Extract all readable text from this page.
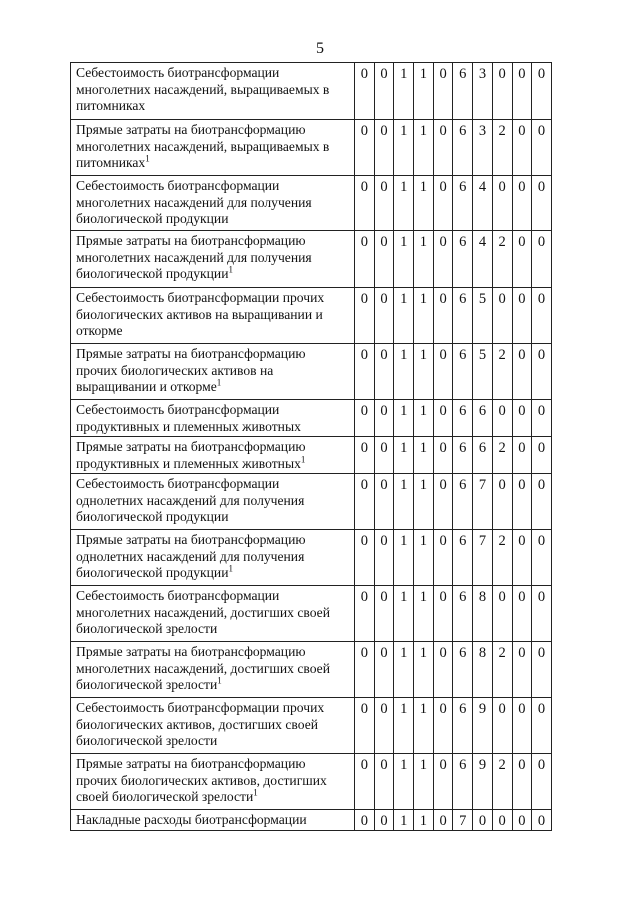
5
Себестоимость биотрансформации многолетних насаждений, выращиваемых в питомниках	0	0	1	1	0	6	3	0	0	0
Прямые затраты на биотрансформацию многолетних насаждений, выращиваемых в питомниках$^1$	0	0	1	1	0	6	3	2	0	0
Себестоимость биотрансформации многолетних насаждений для получения биологической продукции	0	0	1	1	0	6	4	0	0	0
Прямые затраты на биотрансформацию многолетних насаждений для получения биологической продукции$^1$	0	0	1	1	0	6	4	2	0	0
Себестоимость биотрансформации прочих биологических активов на выращивании и откорме	0	0	1	1	0	6	5	0	0	0
Прямые затраты на биотрансформацию прочих биологических активов на выращивании и откорме$^1$	0	0	1	1	0	6	5	2	0	0
Себестоимость биотрансформации продуктивных и племенных животных	0	0	1	1	0	6	6	0	0	0
Прямые затраты на биотрансформацию продуктивных и племенных животных$^1$	0	0	1	1	0	6	6	2	0	0
Себестоимость биотрансформации однолетних насаждений для получения биологической продукции	0	0	1	1	0	6	7	0	0	0
Прямые затраты на биотрансформацию однолетних насаждений для получения биологической продукции$^1$	0	0	1	1	0	6	7	2	0	0
Себестоимость биотрансформации многолетних насаждений, достигших своей биологической зрелости	0	0	1	1	0	6	8	0	0	0
Прямые затраты на биотрансформацию многолетних насаждений, достигших своей биологической зрелости$^1$	0	0	1	1	0	6	8	2	0	0
Себестоимость биотрансформации прочих биологических активов, достигших своей биологической зрелости	0	0	1	1	0	6	9	0	0	0
Прямые затраты на биотрансформацию прочих биологических активов, достигших своей биологической зрелости$^1$	0	0	1	1	0	6	9	2	0	0
Накладные расходы биотрансформации	0	0	1	1	0	7	0	0	0	0
